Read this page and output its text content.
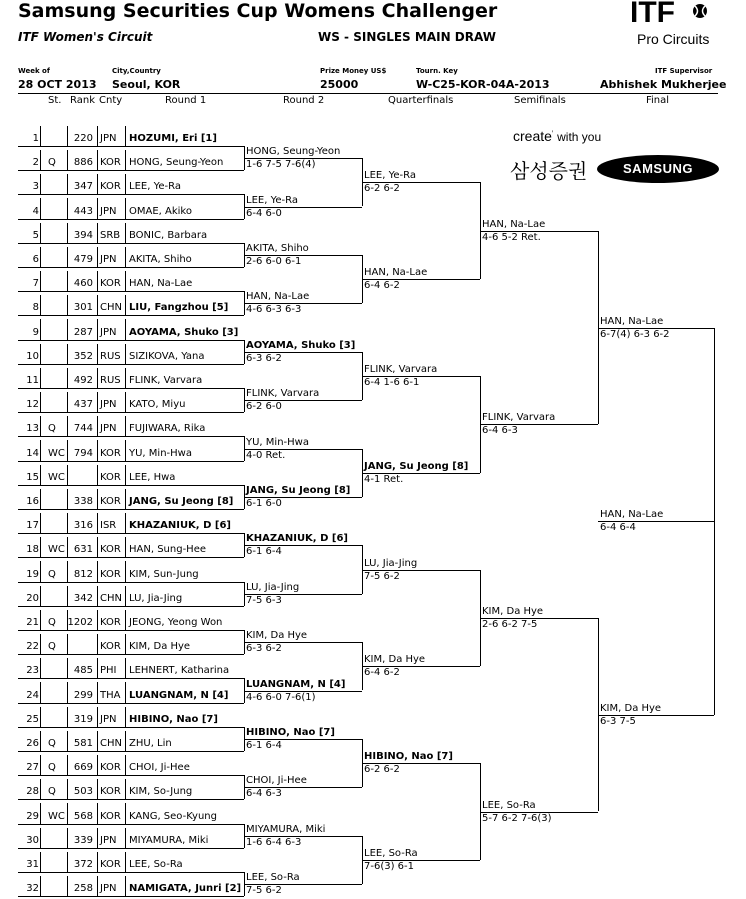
Samsung Securities Cup Womens Challenger
ITF Women's Circuit	WS - SINGLES MAIN DRAW
ITF
Pro Circuits
Week of
28 OCT 2013
City,Country
Seoul, KOR
Prize Money US$
25000
Tourn. Key
W-C25-KOR-04A-2013
ITF Supervisor
Abhishek Mukherjee
St. Rank Cnty	Round 1	Round 2	Quarterfinals	Semifinals	Final
create′ with you
삼성증권	SAMSUNG
1	220 JPN HOZUMI, Eri [1]
2 Q	886 KOR HONG, Seung-Yeon
3	347 KOR LEE, Ye-Ra
4	443 JPN OMAE, Akiko
5	394 SRB BONIC, Barbara
6	479 JPN AKITA, Shiho
7	460 KOR HAN, Na-Lae
8	301 CHN LIU, Fangzhou [5]
9	287 JPN AOYAMA, Shuko [3]
10	352 RUS SIZIKOVA, Yana
11	492 RUS FLINK, Varvara
12	437 JPN KATO, Miyu
13 Q	744 JPN FUJIWARA, Rika
14 WC 794 KOR YU, Min-Hwa
15 WC	KOR LEE, Hwa
16	338 KOR JANG, Su Jeong [8]
17	316 ISR KHAZANIUK, D [6]
18 WC 631 KOR HAN, Sung-Hee
19 Q	812 KOR KIM, Sun-Jung
20	342 CHN LU, Jia-Jing
21 Q 1202 KOR JEONG, Yeong Won
22 Q	KOR KIM, Da Hye
23	485 PHI LEHNERT, Katharina
24	299 THA LUANGNAM, N [4]
25	319 JPN HIBINO, Nao [7]
26 Q	581 CHN ZHU, Lin
27 Q	669 KOR CHOI, Ji-Hee
28 Q	503 KOR KIM, So-Jung
29 WC 568 KOR KANG, Seo-Kyung
30	339 JPN MIYAMURA, Miki
31	372 KOR LEE, So-Ra
32	258 JPN NAMIGATA, Junri [2]
HONG, Seung-Yeon
1-6 7-5 7-6(4)
LEE, Ye-Ra
6-4 6-0
AKITA, Shiho
2-6 6-0 6-1
HAN, Na-Lae
4-6 6-3 6-3
AOYAMA, Shuko [3]
6-3 6-2
FLINK, Varvara
6-2 6-0
YU, Min-Hwa
4-0 Ret.
JANG, Su Jeong [8]
6-1 6-0
KHAZANIUK, D [6]
6-1 6-4
LU, Jia-Jing
7-5 6-3
KIM, Da Hye
6-3 6-2
LUANGNAM, N [4]
4-6 6-0 7-6(1)
HIBINO, Nao [7]
6-1 6-4
CHOI, Ji-Hee
6-4 6-3
MIYAMURA, Miki
1-6 6-4 6-3
LEE, So-Ra
7-5 6-2
LEE, Ye-Ra
6-2 6-2
HAN, Na-Lae
6-4 6-2
FLINK, Varvara
6-4 1-6 6-1
JANG, Su Jeong [8]
4-1 Ret.
LU, Jia-Jing
7-5 6-2
KIM, Da Hye
6-4 6-2
HIBINO, Nao [7]
6-2 6-2
LEE, So-Ra
7-6(3) 6-1
HAN, Na-Lae
4-6 5-2 Ret.
FLINK, Varvara
6-4 6-3
KIM, Da Hye
2-6 6-2 7-5
LEE, So-Ra
5-7 6-2 7-6(3)
HAN, Na-Lae
6-7(4) 6-3 6-2
KIM, Da Hye
6-3 7-5
HAN, Na-Lae
6-4 6-4
